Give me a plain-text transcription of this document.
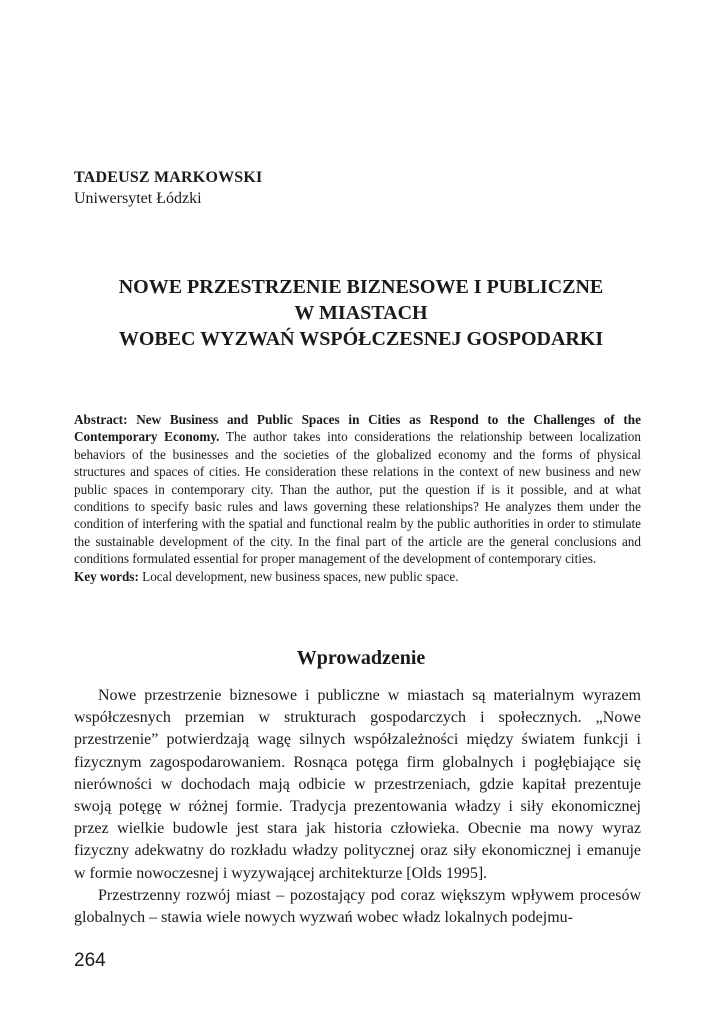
TADEUSZ MARKOWSKI
Uniwersytet Łódzki
NOWE PRZESTRZENIE BIZNESOWE I PUBLICZNE
W MIASTACH
WOBEC WYZWAŃ WSPÓŁCZESNEJ GOSPODARKI
Abstract: New Business and Public Spaces in Cities as Respond to the Challenges of the Contemporary Economy. The author takes into considerations the relationship between localization behaviors of the businesses and the societies of the globalized economy and the forms of physical structures and spaces of cities. He consideration these relations in the context of new business and new public spaces in contemporary city. Than the author, put the question if is it possible, and at what conditions to specify basic rules and laws governing these relationships? He analyzes them under the condition of interfering with the spatial and functional realm by the public authorities in order to stimulate the sustainable development of the city. In the final part of the article are the general conclusions and conditions formulated essential for proper management of the development of contemporary cities.
Key words: Local development, new business spaces, new public space.
Wprowadzenie

Nowe przestrzenie biznesowe i publiczne w miastach są materialnym wyrazem współczesnych przemian w strukturach gospodarczych i społecznych. „Nowe przestrzenie” potwierdzają wagę silnych współzależności między światem funkcji i fizycznym zagospodarowaniem. Rosnąca potęga firm globalnych i pogłębiające się nierówności w dochodach mają odbicie w przestrzeniach, gdzie kapitał prezentuje swoją potęgę w różnej formie. Tradycja prezentowania władzy i siły ekonomicznej przez wielkie budowle jest stara jak historia człowieka. Obecnie ma nowy wyraz fizyczny adekwatny do rozkładu władzy politycznej oraz siły ekonomicznej i emanuje w formie nowoczesnej i wyzywającej architekturze [Olds 1995].

Przestrzenny rozwój miast – pozostający pod coraz większym wpływem procesów globalnych – stawia wiele nowych wyzwań wobec władz lokalnych podejmu-

264
